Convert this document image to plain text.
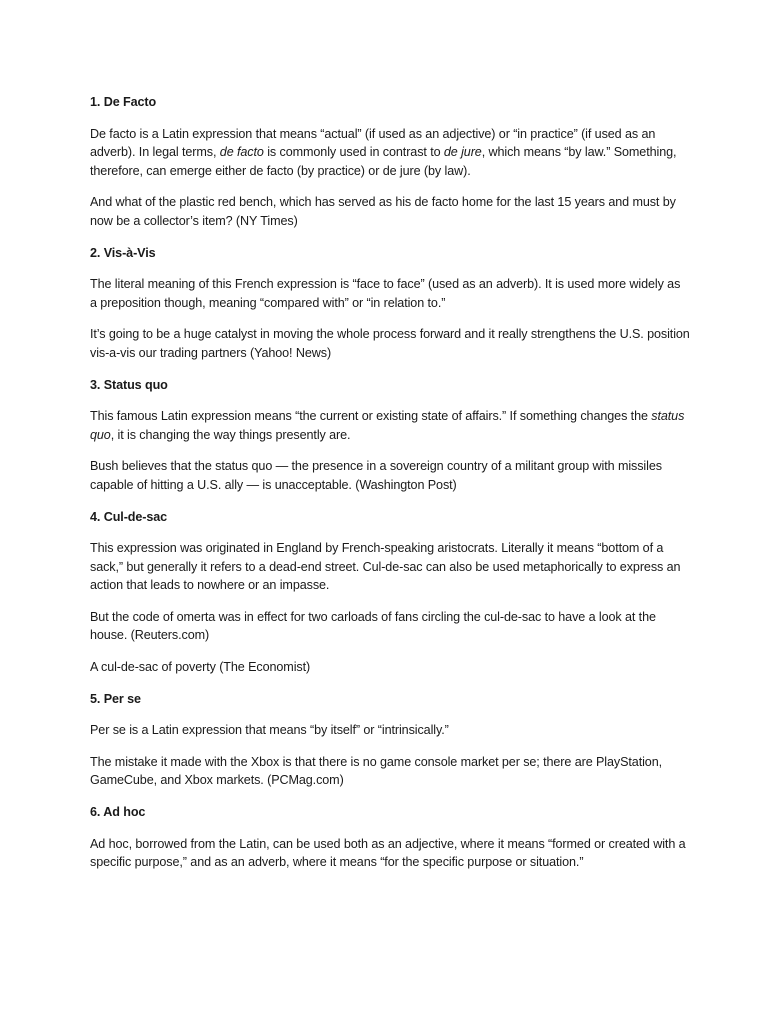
1. De Facto

De facto is a Latin expression that means “actual” (if used as an adjective) or “in practice” (if used as an adverb). In legal terms, de facto is commonly used in contrast to de jure, which means “by law.” Something, therefore, can emerge either de facto (by practice) or de jure (by law).

And what of the plastic red bench, which has served as his de facto home for the last 15 years and must by now be a collector’s item? (NY Times)

2. Vis-à-Vis

The literal meaning of this French expression is “face to face” (used as an adverb). It is used more widely as a preposition though, meaning “compared with” or “in relation to.”

It’s going to be a huge catalyst in moving the whole process forward and it really strengthens the U.S. position vis-a-vis our trading partners (Yahoo! News)

3. Status quo

This famous Latin expression means “the current or existing state of affairs.” If something changes the status quo, it is changing the way things presently are.

Bush believes that the status quo — the presence in a sovereign country of a militant group with missiles capable of hitting a U.S. ally — is unacceptable. (Washington Post)

4. Cul-de-sac

This expression was originated in England by French-speaking aristocrats. Literally it means “bottom of a sack,” but generally it refers to a dead-end street. Cul-de-sac can also be used metaphorically to express an action that leads to nowhere or an impasse.

But the code of omerta was in effect for two carloads of fans circling the cul-de-sac to have a look at the house. (Reuters.com)

A cul-de-sac of poverty (The Economist)

5. Per se

Per se is a Latin expression that means “by itself” or “intrinsically.”

The mistake it made with the Xbox is that there is no game console market per se; there are PlayStation, GameCube, and Xbox markets. (PCMag.com)

6. Ad hoc

Ad hoc, borrowed from the Latin, can be used both as an adjective, where it means “formed or created with a specific purpose,” and as an adverb, where it means “for the specific purpose or situation.”
